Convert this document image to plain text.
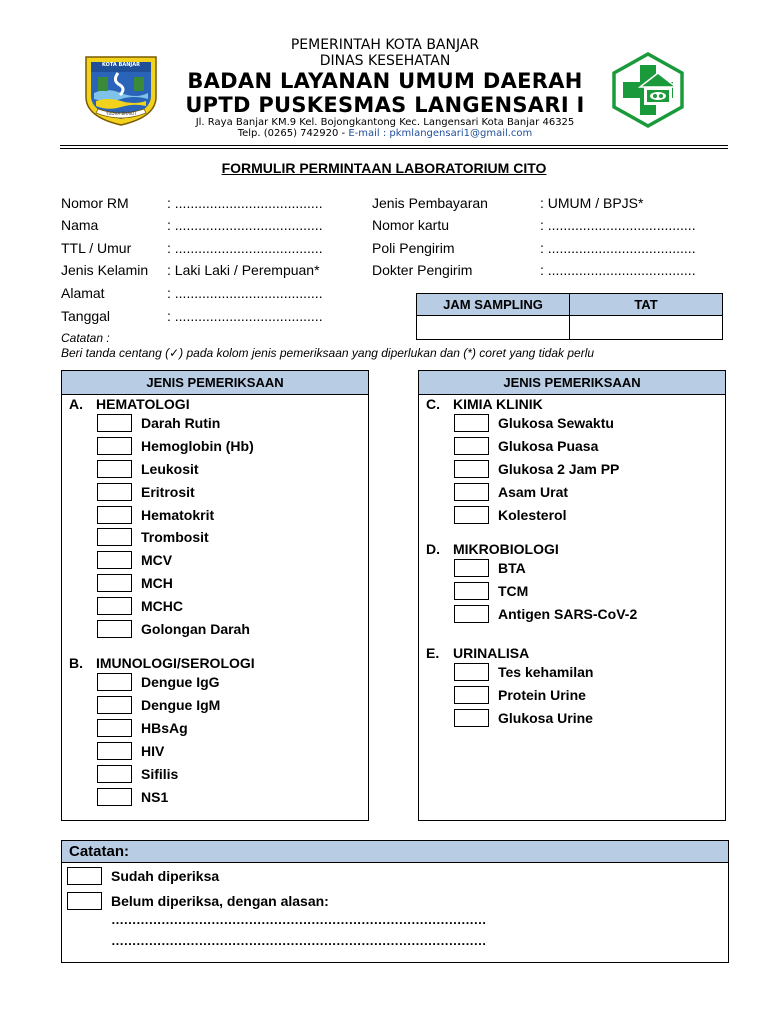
KOTA BANJAR
YUDHA BHAKTI
PEMERINTAH KOTA BANJAR
DINAS KESEHATAN
BADAN LAYANAN UMUM DAERAH
UPTD PUSKESMAS LANGENSARI I
Jl. Raya Banjar KM.9 Kel. Bojongkantong Kec. Langensari Kota Banjar 46325
Telp. (0265) 742920 - E-mail : pkmlangensari1@gmail.com
FORMULIR PERMINTAAN LABORATORIUM CITO
Nomor RM	: ......................................
Nama	: ......................................
TTL / Umur	: ......................................
Jenis Kelamin : Laki Laki / Perempuan*
Alamat	: ......................................
Tanggal	: ......................................
Jenis Pembayaran	: UMUM / BPJS*
Nomor kartu	: ......................................
Poli Pengirim	: ......................................
Dokter Pengirim	: ......................................
JAM SAMPLING	TAT

Catatan :
Beri tanda centang (✓) pada kolom jenis pemeriksaan yang diperlukan dan (*) coret yang tidak perlu
JENIS PEMERIKSAAN
A. HEMATOLOGI
Darah Rutin
Hemoglobin (Hb)
Leukosit
Eritrosit
Hematokrit
Trombosit
MCV
MCH
MCHC
Golongan Darah
B. IMUNOLOGI/SEROLOGI
Dengue IgG
Dengue IgM
HBsAg
HIV
Sifilis
NS1
JENIS PEMERIKSAAN
C. KIMIA KLINIK
Glukosa Sewaktu
Glukosa Puasa
Glukosa 2 Jam PP
Asam Urat
Kolesterol
D. MIKROBIOLOGI
BTA
TCM
Antigen SARS-CoV-2
E. URINALISA
Tes kehamilan
Protein Urine
Glukosa Urine
Catatan:
Sudah diperiksa
Belum diperiksa, dengan alasan:
………………………………………………………………………………
………………………………………………………………………………
